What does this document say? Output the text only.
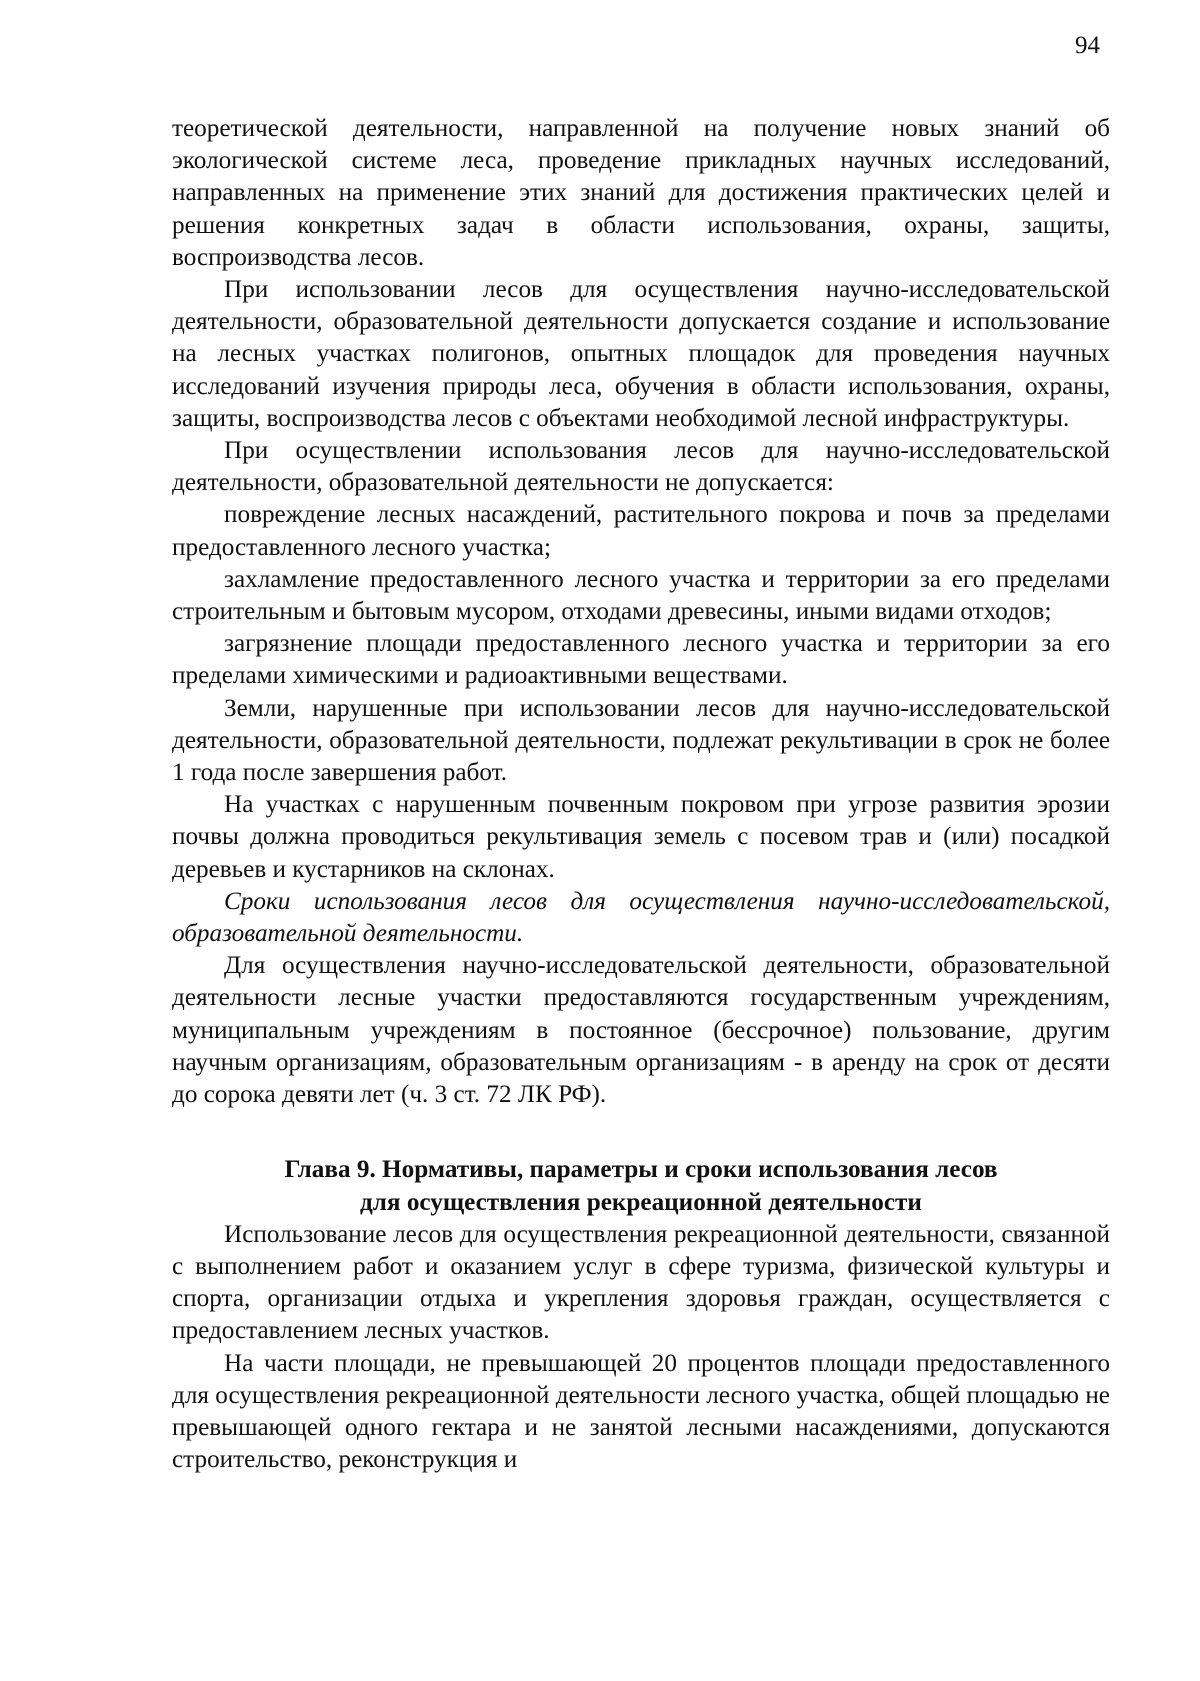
94

теоретической деятельности, направленной на получение новых знаний об экологической системе леса, проведение прикладных научных исследований, направленных на применение этих знаний для достижения практических целей и решения конкретных задач в области использования, охраны, защиты, воспроизводства лесов.

При использовании лесов для осуществления научно-исследовательской деятельности, образовательной деятельности допускается создание и использование на лесных участках полигонов, опытных площадок для проведения научных исследований изучения природы леса, обучения в области использования, охраны, защиты, воспроизводства лесов с объектами необходимой лесной инфраструктуры.

При осуществлении использования лесов для научно-исследовательской деятельности, образовательной деятельности не допускается:

повреждение лесных насаждений, растительного покрова и почв за пределами предоставленного лесного участка;

захламление предоставленного лесного участка и территории за его пределами строительным и бытовым мусором, отходами древесины, иными видами отходов;

загрязнение площади предоставленного лесного участка и территории за его пределами химическими и радиоактивными веществами.

Земли, нарушенные при использовании лесов для научно-исследовательской деятельности, образовательной деятельности, подлежат рекультивации в срок не более 1 года после завершения работ.

На участках с нарушенным почвенным покровом при угрозе развития эрозии почвы должна проводиться рекультивация земель с посевом трав и (или) посадкой деревьев и кустарников на склонах.

Сроки использования лесов для осуществления научно-исследовательской, образовательной деятельности.

Для осуществления научно-исследовательской деятельности, образовательной деятельности лесные участки предоставляются государственным учреждениям, муниципальным учреждениям в постоянное (бессрочное) пользование, другим научным организациям, образовательным организациям - в аренду на срок от десяти до сорока девяти лет (ч. 3 ст. 72 ЛК РФ).

Глава 9. Нормативы, параметры и сроки использования лесов
для осуществления рекреационной деятельности

Использование лесов для осуществления рекреационной деятельности, связанной с выполнением работ и оказанием услуг в сфере туризма, физической культуры и спорта, организации отдыха и укрепления здоровья граждан, осуществляется с предоставлением лесных участков.

На части площади, не превышающей 20 процентов площади предоставленного для осуществления рекреационной деятельности лесного участка, общей площадью не превышающей одного гектара и не занятой лесными насаждениями, допускаются строительство, реконструкция и
